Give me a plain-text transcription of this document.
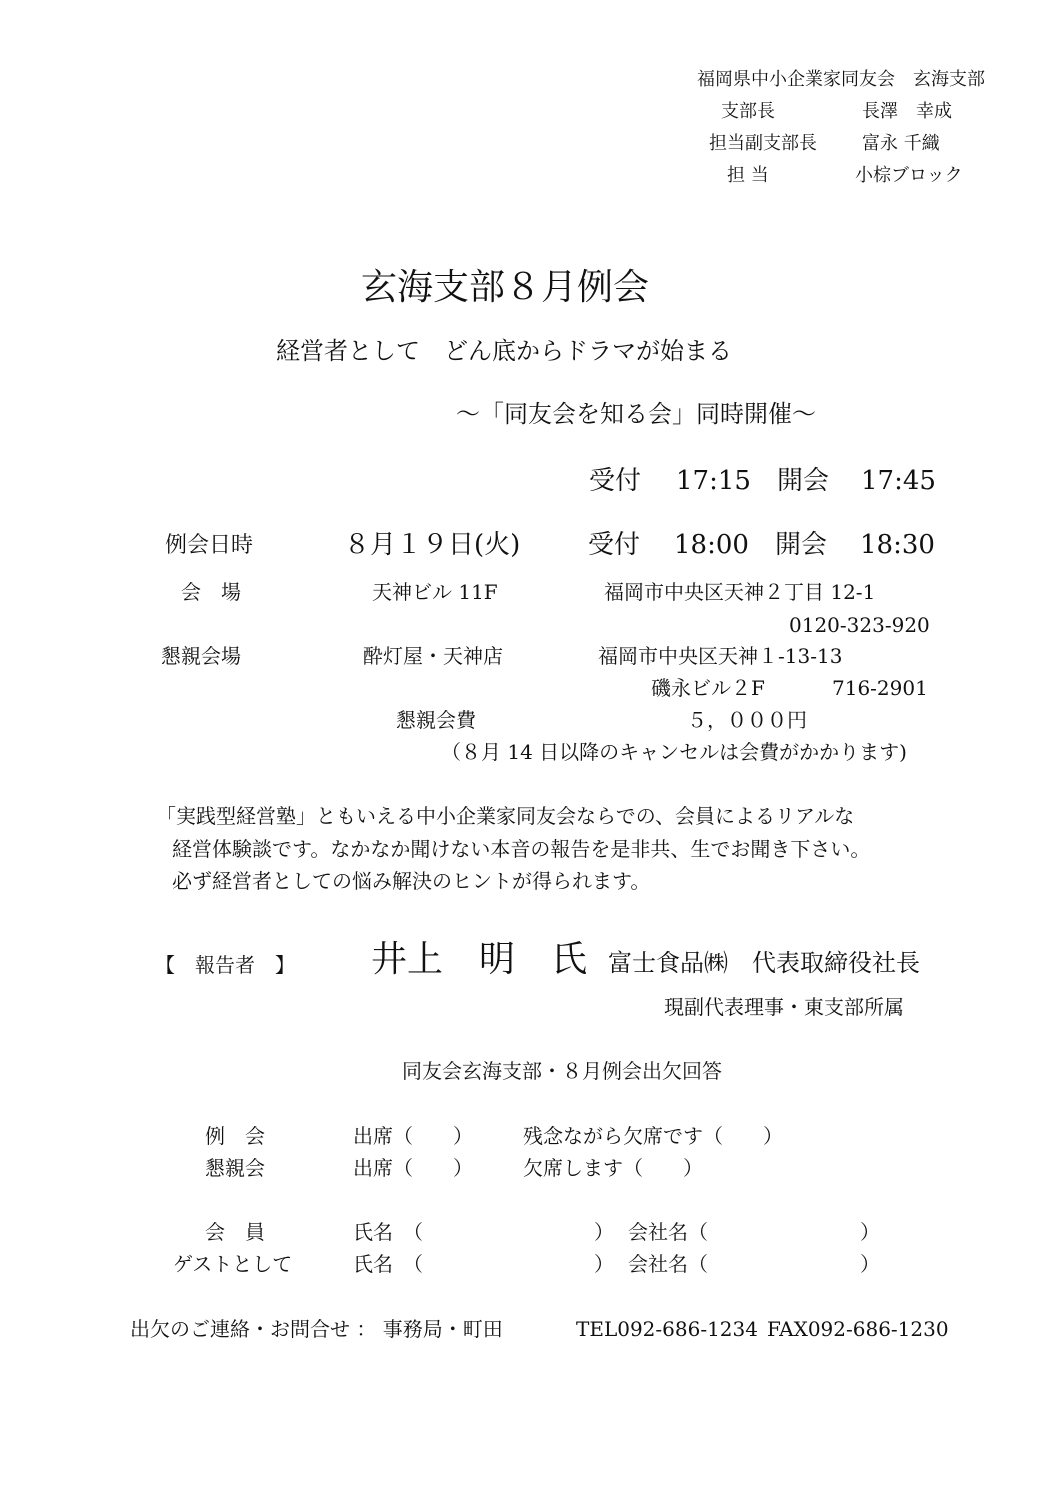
福岡県中小企業家同友会　玄海支部
支部長	長澤　幸成
担当副支部長	富永 千織
担 当	小棕ブロック
玄海支部８月例会
経営者として　どん底からドラマが始まる
～「同友会を知る会」同時開催～
受付 17:15 開会 17:45
例会日時	８月１９日(火)	受付 18:00 開会 18:30
会　場	天神ビル 11F	福岡市中央区天神２丁目 12-1
0120-323-920
懇親会場	酔灯屋・天神店	福岡市中央区天神１-13-13
磯永ビル２F	716-2901
懇親会費	５，０００円
（８月 14 日以降のキャンセルは会費がかかります)
「実践型経営塾」ともいえる中小企業家同友会ならでの、会員によるリアルな
経営体験談です。なかなか聞けない本音の報告を是非共、生でお聞き下さい。
必ず経営者としての悩み解決のヒントが得られます。
【　報告者　】 井上　明　氏 富士食品㈱　代表取締役社長
現副代表理事・東支部所属
同友会玄海支部・８月例会出欠回答
例　会	出席（　　）	残念ながら欠席です（　　）
懇親会	出席（　　）	欠席します（　　）
会　員	氏名　（	） 会社名（	）
ゲストとして	氏名　（	） 会社名（	）
出欠のご連絡・お問合せ ： 事務局・町田	TEL092-686-1234 FAX092-686-1230
